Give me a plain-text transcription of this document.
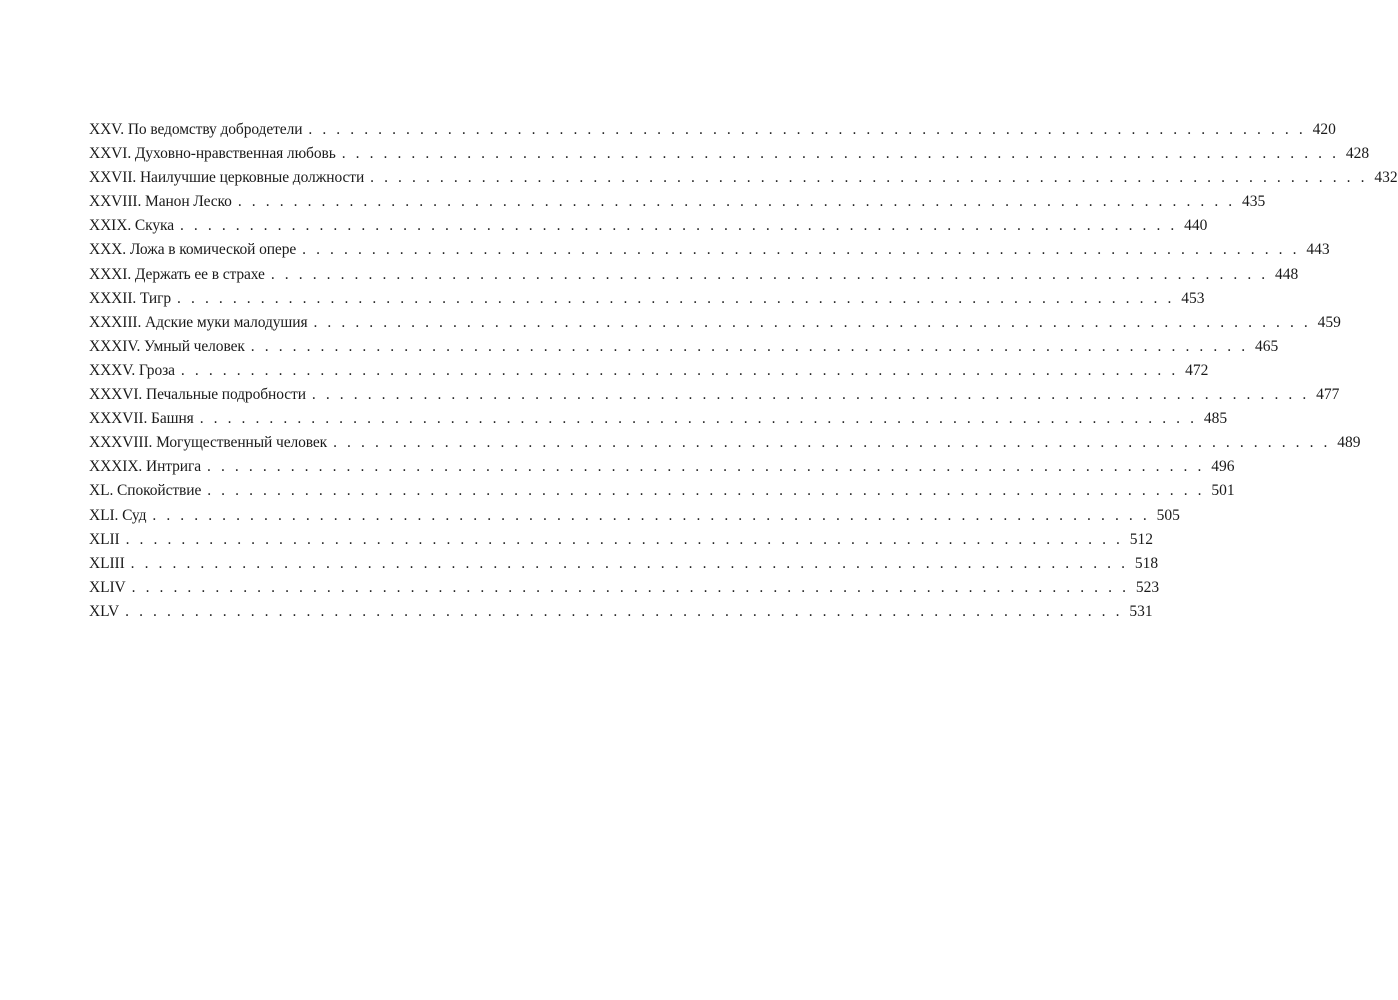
XXV. По ведомству добродетели . . . . . . . . . . . . . . . . . . . . . . . . . . . . . . . . . . . . . . . . . . . . . . . . . . . . . . . . . . . . . . . . . . . . . . . . 420
XXVI. Духовно-нравственная любовь . . . . . . . . . . . . . . . . . . . . . . . . . . . . . . . . . . . . . . . . . . . . . . . . . . . . . . . . . . . . . . . . . . . . . . . . 428
XXVII. Наилучшие церковные должности . . . . . . . . . . . . . . . . . . . . . . . . . . . . . . . . . . . . . . . . . . . . . . . . . . . . . . . . . . . . . . . . . . . . . . . . 432
XXVIII. Манон Леско . . . . . . . . . . . . . . . . . . . . . . . . . . . . . . . . . . . . . . . . . . . . . . . . . . . . . . . . . . . . . . . . . . . . . . . . 435
XXIX. Скука . . . . . . . . . . . . . . . . . . . . . . . . . . . . . . . . . . . . . . . . . . . . . . . . . . . . . . . . . . . . . . . . . . . . . . . . 440
XXX. Ложа в комической опере . . . . . . . . . . . . . . . . . . . . . . . . . . . . . . . . . . . . . . . . . . . . . . . . . . . . . . . . . . . . . . . . . . . . . . . . 443
XXXI. Держать ее в страхе . . . . . . . . . . . . . . . . . . . . . . . . . . . . . . . . . . . . . . . . . . . . . . . . . . . . . . . . . . . . . . . . . . . . . . . . 448
XXXII. Тигр . . . . . . . . . . . . . . . . . . . . . . . . . . . . . . . . . . . . . . . . . . . . . . . . . . . . . . . . . . . . . . . . . . . . . . . . 453
XXXIII. Адские муки малодушия . . . . . . . . . . . . . . . . . . . . . . . . . . . . . . . . . . . . . . . . . . . . . . . . . . . . . . . . . . . . . . . . . . . . . . . . 459
XXXIV. Умный человек . . . . . . . . . . . . . . . . . . . . . . . . . . . . . . . . . . . . . . . . . . . . . . . . . . . . . . . . . . . . . . . . . . . . . . . . 465
XXXV. Гроза . . . . . . . . . . . . . . . . . . . . . . . . . . . . . . . . . . . . . . . . . . . . . . . . . . . . . . . . . . . . . . . . . . . . . . . . 472
XXXVI. Печальные подробности . . . . . . . . . . . . . . . . . . . . . . . . . . . . . . . . . . . . . . . . . . . . . . . . . . . . . . . . . . . . . . . . . . . . . . . . 477
XXXVII. Башня . . . . . . . . . . . . . . . . . . . . . . . . . . . . . . . . . . . . . . . . . . . . . . . . . . . . . . . . . . . . . . . . . . . . . . . . 485
XXXVIII. Могущественный человек . . . . . . . . . . . . . . . . . . . . . . . . . . . . . . . . . . . . . . . . . . . . . . . . . . . . . . . . . . . . . . . . . . . . . . . . 489
XXXIX. Интрига . . . . . . . . . . . . . . . . . . . . . . . . . . . . . . . . . . . . . . . . . . . . . . . . . . . . . . . . . . . . . . . . . . . . . . . . 496
XL. Спокойствие . . . . . . . . . . . . . . . . . . . . . . . . . . . . . . . . . . . . . . . . . . . . . . . . . . . . . . . . . . . . . . . . . . . . . . . . 501
XLI. Суд . . . . . . . . . . . . . . . . . . . . . . . . . . . . . . . . . . . . . . . . . . . . . . . . . . . . . . . . . . . . . . . . . . . . . . . . 505
XLII . . . . . . . . . . . . . . . . . . . . . . . . . . . . . . . . . . . . . . . . . . . . . . . . . . . . . . . . . . . . . . . . . . . . . . . . 512
XLIII . . . . . . . . . . . . . . . . . . . . . . . . . . . . . . . . . . . . . . . . . . . . . . . . . . . . . . . . . . . . . . . . . . . . . . . . 518
XLIV . . . . . . . . . . . . . . . . . . . . . . . . . . . . . . . . . . . . . . . . . . . . . . . . . . . . . . . . . . . . . . . . . . . . . . . . 523
XLV . . . . . . . . . . . . . . . . . . . . . . . . . . . . . . . . . . . . . . . . . . . . . . . . . . . . . . . . . . . . . . . . . . . . . . . . 531
